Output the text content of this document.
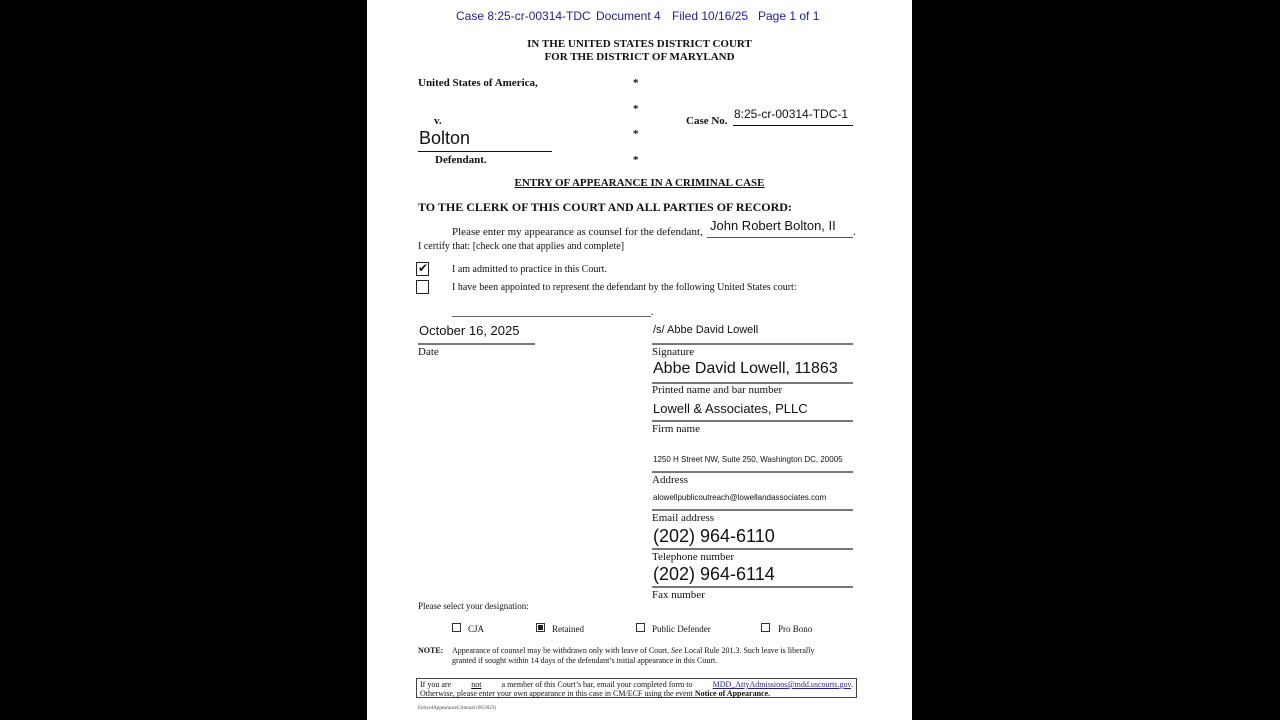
Case 8:25-cr-00314-TDC Document 4 Filed 10/16/25 Page 1 of 1
IN THE UNITED STATES DISTRICT COURT
FOR THE DISTRICT OF MARYLAND
United States of America,
v.
Bolton
Defendant.
*
*
*
*
Case No. 8:25-cr-00314-TDC-1
ENTRY OF APPEARANCE IN A CRIMINAL CASE
TO THE CLERK OF THIS COURT AND ALL PARTIES OF RECORD:
Please enter my appearance as counsel for the defendant, John Robert Bolton, II .
I certify that: [check one that applies and complete]
✔ I am admitted to practice in this Court.
I have been appointed to represent the defendant by the following United States court:
.
October 16, 2025
Date
/s/ Abbe David Lowell
Signature
Abbe David Lowell, 11863
Printed name and bar number
Lowell & Associates, PLLC
Firm name
1250 H Street NW, Suite 250, Washington DC, 20005
Address
alowellpublicoutreach@lowellandassociates.com
Email address
(202) 964-6110
Telephone number
(202) 964-6114
Fax number
Please select your designation:
CJA	Retained	Public Defender	Pro Bono
NOTE: Appearance of counsel may be withdrawn only with leave of Court. See Local Rule 201.3. Such leave is liberally
granted if sought within 14 days of the defendant’s initial appearance in this Court.
If you are	not	a member of this Court’s bar, email your completed form to	MDD_AttyAdmissions@mdd.uscourts.gov.
Otherwise, please enter your own appearance in this case in CM/ECF using the event Notice of Appearance.
EntryofAppearanceCriminal (06/2023)
